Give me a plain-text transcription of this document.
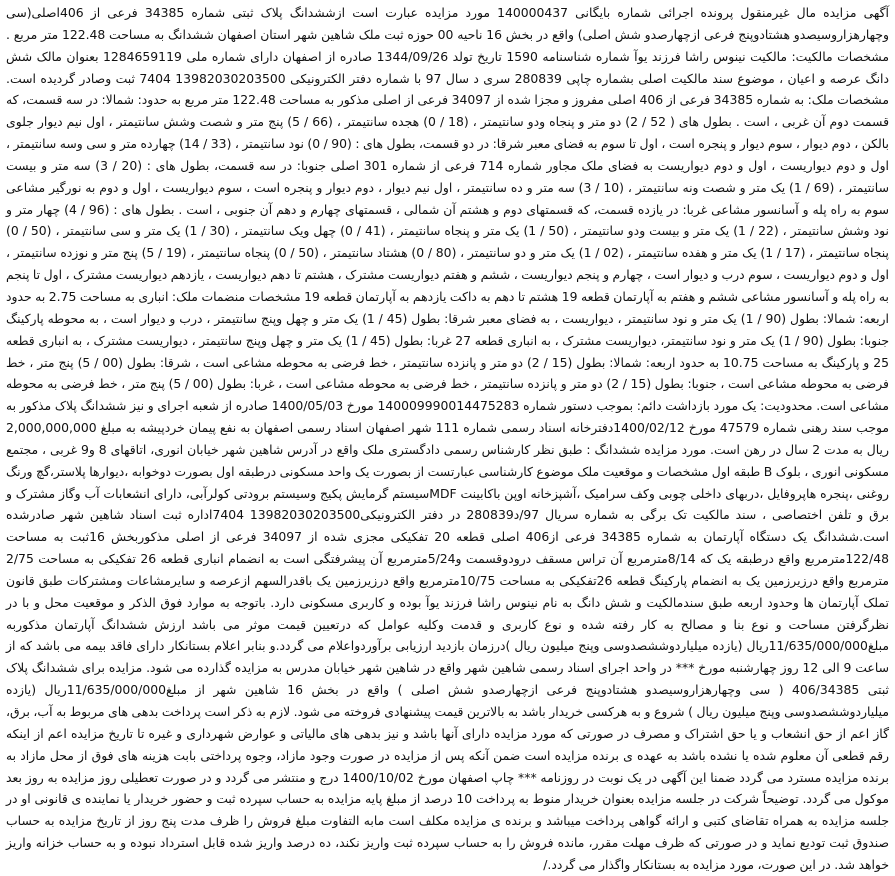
آگهی مزایده مال غیرمنقول پرونده اجرائی شماره بایگانی 140000437 مورد مزایده عبارت است ازششدانگ پلاک ثبتی شماره 34385 فرعی از 406اصلی(سی وچهارهزاروسیصدو هشتادوپنج فرعی ازچهارصدو شش اصلی) واقع در بخش 16 ناحیه 00 حوزه ثبت ملک شاهین شهر استان اصفهان ششدانگ به مساحت 122.48 متر مربع . مشخصات مالکیت: مالکیت نینوس راشا فرزند یوآ شماره شناسنامه 1590 تاریخ تولد 1344/09/26 صادره از اصفهان دارای شماره ملی 1284659119 بعنوان مالک شش دانگ عرصه و اعیان ، موضوع سند مالکیت اصلی بشماره چاپی 280839 سری د سال 97 با شماره دفتر الکترونیکی 13982030203500 7404 ثبت وصادر گردیده است. مشخصات ملک: به شماره 34385 فرعی از 406 اصلی مفروز و مجزا شده از 34097 فرعی از اصلی مذکور به مساحت 122.48 متر مربع به حدود: شمالا: در سه قسمت، که قسمت دوم آن غربی ، است . بطول های ( 52 / 2) دو متر و پنجاه ودو سانتیمتر ، (18 / 0) هجده سانتیمتر ، (66 / 5) پنج متر و شصت وشش سانتیمتر ، اول نیم دیوار جلوی بالکن ، دوم دیوار ، سوم دیوار و پنجره است ، اول تا سوم به فضای معبر شرقا: در دو قسمت، بطول های : (90 / 0) نود سانتیمتر ، (33 / 14) چهارده متر و سی وسه سانتیمتر ، اول و دوم دیواریست ، اول و دوم دیواریست به فضای ملک مجاور شماره 714 فرعی از شماره 301 اصلی جنوبا: در سه قسمت، بطول های : (20 / 3) سه متر و بیست سانتیمتر ، (69 / 1) یک متر و شصت ونه سانتیمتر ، (10 / 3) سه متر و ده سانتیمتر ، اول نیم دیوار ، دوم دیوار و پنجره است ، سوم دیواریست ، اول و دوم به نورگیر مشاعی سوم به راه پله و آسانسور مشاعی غربا: در یازده قسمت، که قسمتهای دوم و هشتم آن شمالی ، قسمتهای چهارم و دهم آن جنوبی ، است . بطول های : (96 / 4) چهار متر و نود وشش سانتیمتر ، (22 / 1) یک متر و بیست ودو سانتیمتر ، (50 / 1) یک متر و پنجاه سانتیمتر ، (41 / 0) چهل ویک سانتیمتر ، (30 / 1) یک متر و سی سانتیمتر ، (50 / 0) پنجاه سانتیمتر ، (17 / 1) یک متر و هفده سانتیمتر ، (02 / 1) یک متر و دو سانتیمتر ، (80 / 0) هشتاد سانتیمتر ، (50 / 0) پنجاه سانتیمتر ، (19 / 5) پنج متر و نوزده سانتیمتر ، اول و دوم دیواریست ، سوم درب و دیوار است ، چهارم و پنجم دیواریست ، ششم و هفتم دیواریست مشترک ، هشتم تا دهم دیواریست ، یازدهم دیواریست مشترک ، اول تا پنجم به راه پله و آسانسور مشاعی ششم و هفتم به آپارتمان قطعه 19 هشتم تا دهم به داکت یازدهم به آپارتمان قطعه 19 مشخصات منضمات ملک: انباری به مساحت 2.75 به حدود اربعه: شمالا: بطول (90 / 1) یک متر و نود سانتیمتر ، دیواریست ، به فضای معبر شرقا: بطول (45 / 1) یک متر و چهل وپنج سانتیمتر ، درب و دیوار است ، به محوطه پارکینگ جنوبا: بطول (90 / 1) یک متر و نود سانتیمتر، دیواریست مشترک ، به انباری قطعه 27 غربا: بطول (45 / 1) یک متر و چهل وپنج سانتیمتر ، دیواریست مشترک ، به انباری قطعه 25 و پارکینگ به مساحت 10.75 به حدود اربعه: شمالا: بطول (15 / 2) دو متر و پانزده سانتیمتر ، خط فرضی به محوطه مشاعی است ، شرقا: بطول (00 / 5) پنج متر ، خط فرضی به محوطه مشاعی است ، جنوبا: بطول (15 / 2) دو متر و پانزده سانتیمتر ، خط فرضی به محوطه مشاعی است ، غربا: بطول (00 / 5) پنج متر ، خط فرضی به محوطه مشاعی است. محدودیت: یک مورد بازداشت دائم: بموجب دستور شماره 140009990014475283 مورخ 1400/05/03 صادره از شعبه اجرای و نیز ششدانگ پلاک مذکور به موجب سند رهنی شماره 47579 مورخ 1400/02/12دفترخانه اسناد رسمی شماره 111 شهر اصفهان اسناد رسمی اصفهان به نفع پیمان خردپیشه به مبلغ 2,000,000,000 ریال به مدت 2 سال در رهن است. مورد مزایده ششدانگ : طبق نظر کارشناس رسمی دادگستری ملک واقع در آدرس شاهین شهر خیابان انوری، اتاقهای 8 و9 غربی ، مجتمع مسکونی انوری ، بلوک B طبقه اول مشخصات و موقعیت ملک موضوع کارشناسی عبارتست از بصورت یک واحد مسکونی درطبقه اول بصورت دوخوابه ،دیوارها پلاستر،گچ ورنگ روغنی ،پنجره هاپروفایل ،دربهای داخلی چوبی وکف سرامیک ،آشپزخانه اوپن باکابینت MDFسیستم گرمایش پکیج وسیستم برودتی کولرآبی، دارای انشعابات آب وگاز مشترک و برق و تلفن اختصاصی ، سند مالکیت تک برگی به شماره سریال 97/د280839 در دفتر الکترونیکی13982030203500 7404اداره ثبت اسناد شاهین شهر صادرشده است.ششدانگ یک دستگاه آپارتمان به شماره 34385 فرعی از406 اصلی قطعه 20 تفکیکی مجزی شده از 34097 فرعی از اصلی مذکوربخش 16ثبت به مساحت 122/48مترمربع واقع درطبقه یک که 8/14مترمربع آن تراس مسقف درودوقسمت و5/24مترمربع آن پیشرفتگی است به انضمام انباری قطعه 26 تفکیکی به مساحت 2/75 مترمربع واقع درزیرزمین یک به انضمام پارکینگ قطعه 26تفکیکی به مساحت 10/75مترمربع واقع درزیرزمین یک باقدرالسهم ازعرصه و سایرمشاعات ومشترکات طبق قانون تملک آپارتمان ها وحدود اربعه طبق سندمالکیت و شش دانگ به نام نینوس راشا فرزند یوآ بوده و کاربری مسکونی دارد. باتوجه به موارد فوق الذکر و موقعیت محل و با در نظرگرفتن مساحت و نوع بنا و مصالح به کار رفته شده و نوع کاربری و قدمت وکلیه عوامل که درتعیین قیمت موثر می باشد ارزش ششدانگ آپارتمان مذکوربه مبلغ11/635/000/000ریال (یازده میلیاردوششصدوسی وپنج میلیون ریال )درزمان بازدید ارزیابی برآوردواعلام می گردد.و بنابر اعلام بستانکار دارای فاقد بیمه می باشد که از ساعت 9 الی 12 روز چهارشنبه مورخ *** در واحد اجرای اسناد رسمی شاهین شهر واقع در شاهین شهر خیابان مدرس به مزایده گذارده می شود. مزایده برای ششدانگ پلاک ثبتی 406/34385 ( سی وچهارهزاروسیصدو هشتادوپنج فرعی ازچهارصدو شش اصلی ) واقع در بخش 16 شاهین شهر از مبلغ11/635/000/000ریال (یازده میلیاردوششصدوسی وپنج میلیون ریال ) شروع و به هرکسی خریدار باشد به بالاترین قیمت پیشنهادی فروخته می شود. لازم به ذکر است پرداخت بدهی های مربوط به آب، برق، گاز اعم از حق انشعاب و یا حق اشتراک و مصرف در صورتی که مورد مزایده دارای آنها باشد و نیز بدهی های مالیاتی و عوارض شهرداری و غیره تا تاریخ مزایده اعم از اینکه رقم قطعی آن معلوم شده یا نشده باشد به عهده ی برنده مزایده است ضمن آنکه پس از مزایده در صورت وجود مازاد، وجوه پرداختی بابت هزینه های فوق از محل مازاد به برنده مزایده مسترد می گردد ضمنا این آگهی در یک نوبت در روزنامه *** چاپ اصفهان مورخ 1400/10/02 درج و منتشر می گردد و در صورت تعطیلی روز مزایده به روز بعد موکول می گردد. توضیحاً شرکت در جلسه مزایده بعنوان خریدار منوط به پرداخت 10 درصد از مبلغ پایه مزایده به حساب سپرده ثبت و حضور خریدار یا نماینده ی قانونی او در جلسه مزایده به همراه تقاضای کتبی و ارائه گواهی پرداخت میباشد و برنده ی مزایده مکلف است مابه التفاوت مبلغ فروش را ظرف مدت پنج روز از تاریخ مزایده به حساب صندوق ثبت تودیع نماید و در صورتی که ظرف مهلت مقرر، مانده فروش را به حساب سپرده ثبت واریز نکند، ده درصد واریز شده قابل استرداد نبوده و به حساب خزانه واریز خواهد شد. در این صورت، مورد مزایده به بستانکار واگذار می گردد./
